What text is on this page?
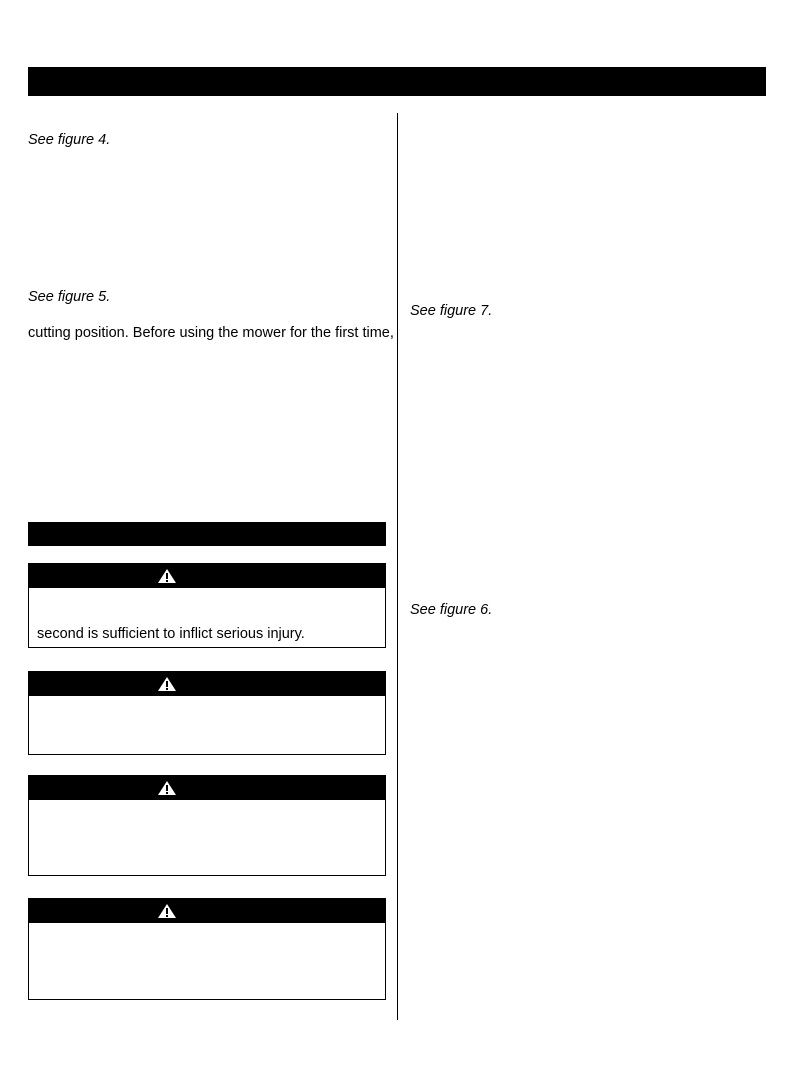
See figure 4.
See figure 5.
cutting position. Before using the mower for the first time,
second is sufficient to inflict serious injury.
See figure 7.
See figure 6.
